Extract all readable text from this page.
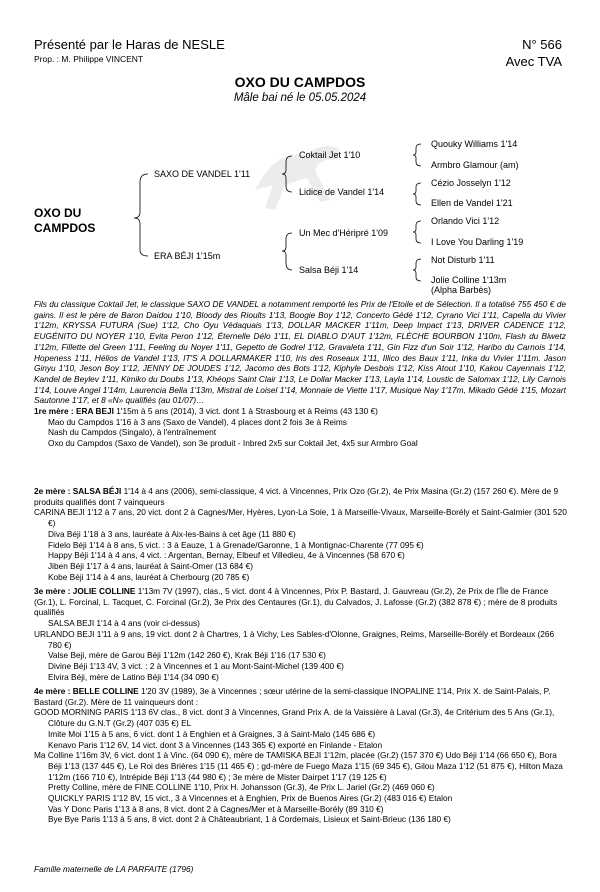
Présenté par le Haras de NESLE
Prop. : M. Philippe VINCENT
N° 566
Avec TVA
OXO DU CAMPDOS
Mâle bai né le 05.05.2024
OXO DU CAMPDOS
SAXO DE VANDEL 1'11
ERA BÉJI 1'15m
Coktail Jet 1'10
Lidice de Vandel 1'14
Un Mec d'Héripré 1'09
Salsa Béji 1'14
Quouky Williams 1'14
Armbro Glamour (am)
Cézio Josselyn 1'12
Ellen de Vandel 1'21
Orlando Vici 1'12
I Love You Darling 1'19
Not Disturb 1'11
Jolie Colline 1'13m
(Alpha Barbès)
Fils du classique Coktail Jet, le classique SAXO DE VANDEL a notamment remporté les Prix de l'Etoile et de Sélection. Il a totalisé 755 450 € de gains. Il est le père de Baron Daidou 1'10, Bloody des Rioults 1'13, Boogie Boy 1'12, Concerto Gédé 1'12, Cyrano Vici 1'11, Capella du Vivier 1'12m, KRYSSA FUTURA (Sue) 1'12, Cho Oyu Védaquais 1'13, DOLLAR MACKER 1'11m, Deep Impact 1'13, DRIVER CADENCE 1'12, EUGÉNITO DU NOYER 1'10, Evita Peron 1'12, Éternelle Délo 1'11, EL DIABLO D'AUT 1'12m, FLÈCHE BOURBON 1'10m, Flash du Biwetz 1'12m, Fillette del Green 1'11, Feeling du Noyer 1'11, Gepetto de Godrel 1'12, Gravaleta 1'11, Gin Fizz d'un Soir 1'12, Haribo du Carnois 1'14, Hopeness 1'11, Hélios de Vandel 1'13, IT'S A DOLLARMAKER 1'10, Iris des Roseaux 1'11, Illico des Baux 1'11, Inka du Vivier 1'11m. Jason Ginyu 1'10, Jeson Boy 1'12, JENNY DE JOUDES 1'12, Jacomo des Bots 1'12, Kiphyle Desbois 1'12, Kiss Atout 1'10, Kakou Cayennais 1'12, Kandel de Beylev 1'11, Kimiko du Doubs 1'13, Khéops Saint Clair 1'13, Le Dollar Macker 1'13, Layla 1'14, Loustic de Salomax 1'12, Lily Carnois 1'14, Louve Angel 1'14m, Laurencia Bella 1'13m, Mistral de Loisel 1'14, Monnaie de Viette 1'17, Musique Nay 1'17m, Mikado Gédé 1'15, Mozart Sautonne 1'17, et 8 «N» qualifiés (au 01/07)…

1re mère : ERA BEJI 1'15m à 5 ans (2014), 3 vict. dont 1 à Strasbourg et à Reims (43 130 €)

Mao du Campdos 1'16 à 3 ans (Saxo de Vandel), 4 places dont 2 fois 3e à Reims

Nash du Campdos (Singalo), à l'entraînement

Oxo du Campdos (Saxo de Vandel), son 3e produit - Inbred 2x5 sur Coktail Jet, 4x5 sur Armbro Goal

2e mère : SALSA BÉJI 1'14 à 4 ans (2006), semi-classique, 4 vict. à Vincennes, Prix Ozo (Gr.2), 4e Prix Masina (Gr.2) (157 260 €). Mère de 9 produits qualifiés dont 7 vainqueurs

CARINA BEJI 1'12 à 7 ans, 20 vict. dont 2 à Cagnes/Mer, Hyères, Lyon-La Soie, 1 à Marseille-Vivaux, Marseille-Borély et Saint-Galmier (301 520 €)

Diva Béji 1'18 à 3 ans, lauréate à Aix-les-Bains à cet âge (11 880 €)

Fidelo Béji 1'14 à 8 ans, 5 vict. : 3 à Eauze, 1 à Grenade/Garonne, 1 à Montignac-Charente (77 095 €)

Happy Béji 1'14 à 4 ans, 4 vict. : Argentan, Bernay, Elbeuf et Villedieu, 4e à Vincennes (58 670 €)

Jiben Béji 1'17 à 4 ans, lauréat à Saint-Omer (13 684 €)

Kobe Béji 1'14 à 4 ans, lauréat à Cherbourg (20 785 €)

3e mère : JOLIE COLLINE 1'13m 7V (1997), clas., 5 vict. dont 4 à Vincennes, Prix P. Bastard, J. Gauvreau (Gr.2), 2e Prix de l'Île de France (Gr.1), L. Forcinal, L. Tacquet, C. Forcinal (Gr.2), 3e Prix des Centaures (Gr.1), du Calvados, J. Lafosse (Gr.2) (382 878 €) ; mère de 8 produits qualifiés

SALSA BEJI 1'14 à 4 ans (voir ci-dessus)

URLANDO BEJI 1'11 à 9 ans, 19 vict. dont 2 à Chartres, 1 à Vichy, Les Sables-d'Olonne, Graignes, Reims, Marseille-Borély et Bordeaux (266 780 €)

Valse Beji, mère de Garou Béji 1'12m (142 260 €), Krak Béji 1'16 (17 530 €)

Divine Béji 1'13 4V, 3 vict. : 2 à Vincennes et 1 au Mont-Saint-Michel (139 400 €)

Elvira Béji, mère de Latino Béji 1'14 (34 090 €)

4e mère : BELLE COLLINE 1'20 3V (1989), 3e à Vincennes ; sœur utérine de la semi-classique INOPALINE 1'14, Prix X. de Saint-Palais, P. Bastard (Gr.2). Mère de 11 vainqueurs dont :

GOOD MORNING PARIS 1'13 6V clas., 8 vict. dont 3 à Vincennes, Grand Prix A. de la Vaissière à Laval (Gr.3), 4e Critérium des 5 Ans (Gr.1), Clôture du G.N.T (Gr.2) (407 035 €) EL

Imite Moi 1'15 à 5 ans, 6 vict. dont 1 à Enghien et à Graignes, 3 à Saint-Malo (145 686 €)

Kenavo Paris 1'12 6V, 14 vict. dont 3 à Vincennes (143 365 €) exporté en Finlande - Etalon

Ma Colline 1'16m 3V, 6 vict. dont 1 à Vinc. (64 090 €), mère de TAMISKA BEJI 1'12m, placée (Gr.2) (157 370 €) Udo Béji 1'14 (66 650 €), Bora Béji 1'13 (137 445 €), Le Roi des Brières 1'15 (11 465 €) ; gd-mère de Fuego Maza 1'15 (69 345 €), Gilou Maza 1'12 (51 875 €), Hilton Maza 1'12m (166 710 €), Intrépide Béji 1'13 (44 980 €) ; 3e mère de Mister Dairpet 1'17 (19 125 €)

Pretty Colline, mère de FINE COLLINE 1'10, Prix H. Johansson (Gr.3), 4e Prix L. Jariel (Gr.2) (469 060 €)

QUICKLY PARIS 1'12 8V, 15 vict., 3 à Vincennes et à Enghien, Prix de Buenos Aires (Gr.2) (483 016 €) Etalon

Vas Y Donc Paris 1'13 à 8 ans, 8 vict. dont 2 à Cagnes/Mer et à Marseille-Borély (89 310 €)

Bye Bye Paris 1'13 à 5 ans, 8 vict. dont 2 à Châteaubriant, 1 à Cordemais, Lisieux et Saint-Brieuc (136 180 €)

Famille maternelle de LA PARFAITE (1796)
